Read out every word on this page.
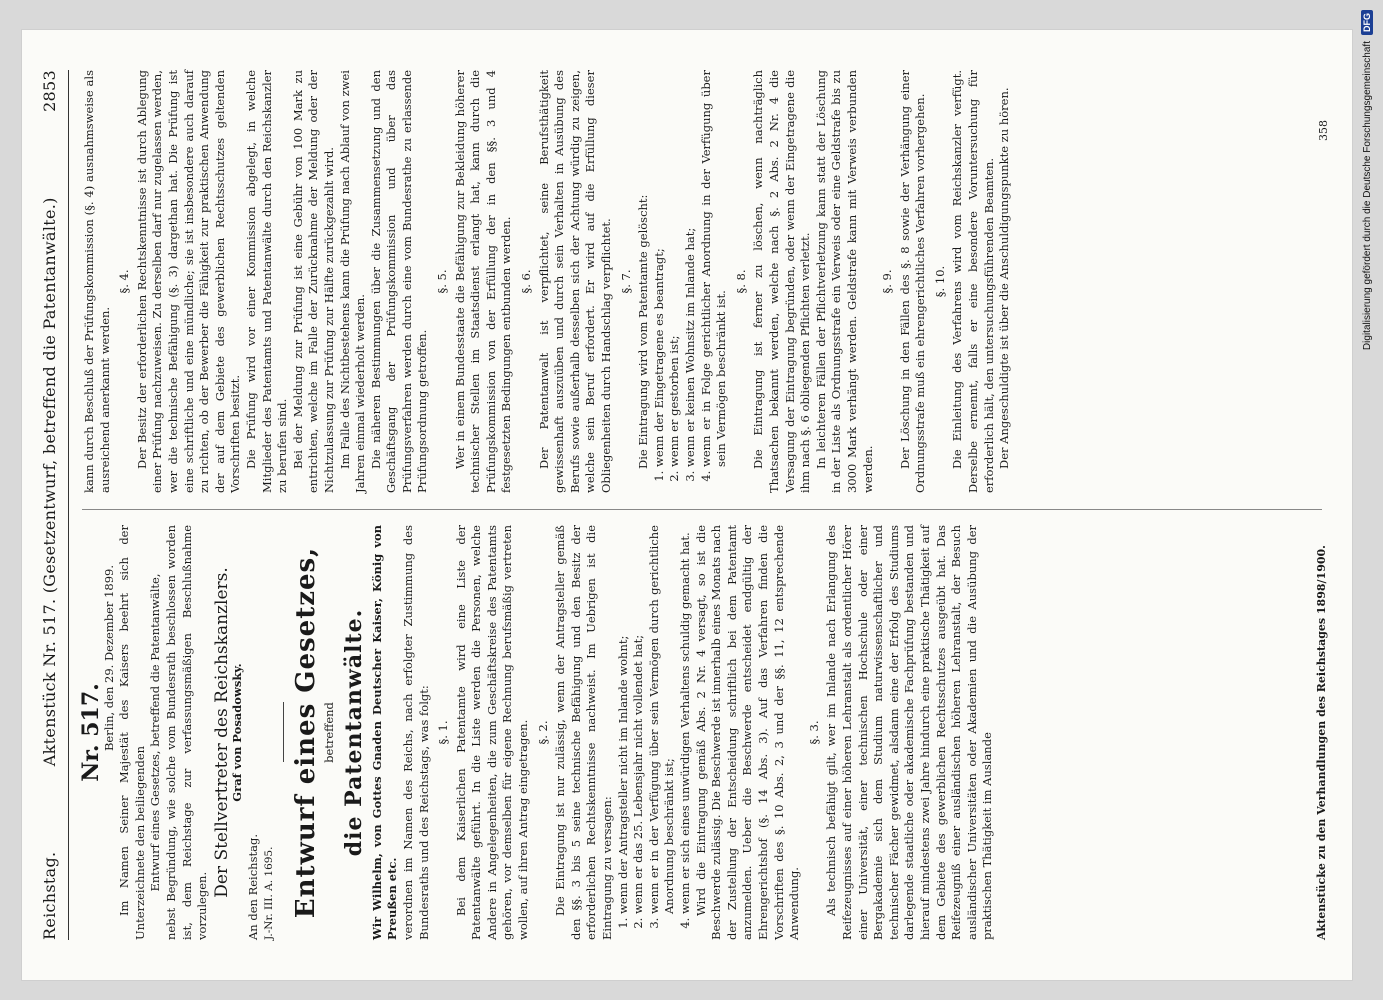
Reichstag.
Aktenstück Nr. 517. (Gesetzentwurf, betreffend die Patentanwälte.)
2853
Nr. 517.

Berlin, den 29. Dezember 1899. Im Namen Seiner Majestät des Kaisers beehrt sich der Unterzeichnete den beiliegenden Entwurf eines Gesetzes, betreffend die Patentanwälte, nebst Begründung, wie solche vom Bundesrath beschlossen worden ist, dem Reichstage zur verfassungsmäßigen Beschlußnahme vorzulegen.

Der Stellvertreter des Reichskanzlers.

Graf von Posadowsky.

An den Reichstag. J.-Nr. III. A. 1695. Entwurf eines Gesetzes, betreffend die Patentanwälte. Wir Wilhelm, von Gottes Gnaden Deutscher Kaiser, König von Preußen etc. verordnen im Namen des Reichs, nach erfolgter Zustimmung des Bundesraths und des Reichstags, was folgt: §. 1. Bei dem Kaiserlichen Patentamte wird eine Liste der Patentanwälte geführt. In die Liste werden die Personen, welche Andere in Angelegenheiten, die zum Geschäftskreise des Patentamts gehören, vor demselben für eigene Rechnung berufsmäßig vertreten wollen, auf ihren Antrag eingetragen. §. 2. Die Eintragung ist nur zulässig, wenn der Antragsteller gemäß den §§. 3 bis 5 seine technische Befähigung und den Besitz der erforderlichen Rechtskenntnisse nachweist. Im Uebrigen ist die Eintragung zu versagen: 1. wenn der Antragsteller nicht im Inlande wohnt; 2. wenn er das 25. Lebensjahr nicht vollendet hat; 3. wenn er in der Verfügung über sein Vermögen durch gerichtliche Anordnung beschränkt ist; 4. wenn er sich eines unwürdigen Verhaltens schuldig gemacht hat. Wird die Eintragung gemäß Abs. 2 Nr. 4 versagt, so ist die Beschwerde zulässig. Die Beschwerde ist innerhalb eines Monats nach der Zustellung der Entscheidung schriftlich bei dem Patentamt anzumelden. Ueber die Beschwerde entscheidet endgültig der Ehrengerichtshof (§. 14 Abs. 3). Auf das Verfahren finden die Vorschriften des §. 10 Abs. 2, 3 und der §§. 11, 12 entsprechende Anwendung.

§. 3. Als technisch befähigt gilt, wer im Inlande nach Erlangung des Reifezeugnisses auf einer höheren Lehranstalt als ordentlicher Hörer einer Universität, einer technischen Hochschule oder einer Bergakademie sich dem Studium naturwissenschaftlicher und technischer Fächer gewidmet, alsdann eine der Erfolg des Studiums darlegende staatliche oder akademische Fachprüfung bestanden und hierauf mindestens zwei Jahre hindurch eine praktische Thätigkeit auf dem Gebiete des gewerblichen Rechtsschutzes ausgeübt hat. Das Reifezeugniß einer ausländischen höheren Lehranstalt, der Besuch ausländischer Universitäten oder Akademien und die Ausübung der praktischen Thätigkeit im Auslande	Aktenstücke zu den Verhandlungen des Reichstages 1898/1900.

kann durch Beschluß der Prüfungskommission (§. 4) ausnahmsweise als ausreichend anerkannt werden.

§. 4. Der Besitz der erforderlichen Rechtskenntnisse ist durch Ablegung einer Prüfung nachzuweisen. Zu derselben darf nur zugelassen werden, wer die technische Befähigung (§. 3) dargethan hat. Die Prüfung ist eine schriftliche und eine mündliche; sie ist insbesondere auch darauf zu richten, ob der Bewerber die Fähigkeit zur praktischen Anwendung der auf dem Gebiete des gewerblichen Rechtsschutzes geltenden Vorschriften besitzt. Die Prüfung wird vor einer Kommission abgelegt, in welche Mitglieder des Patentamts und Patentanwälte durch den Reichskanzler zu berufen sind. Bei der Meldung zur Prüfung ist eine Gebühr von 100 Mark zu entrichten, welche im Falle der Zurücknahme der Meldung oder der Nichtzulassung zur Prüfung zur Hälfte zurückgezahlt wird. Im Falle des Nichtbestehens kann die Prüfung nach Ablauf von zwei Jahren einmal wiederholt werden. Die näheren Bestimmungen über die Zusammensetzung und den Geschäftsgang der Prüfungskommission und über das Prüfungsverfahren werden durch eine vom Bundesrathe zu erlassende Prüfungsordnung getroffen.

§. 5. Wer in einem Bundesstaate die Befähigung zur Bekleidung höherer technischer Stellen im Staatsdienst erlangt hat, kann durch die Prüfungskommission von der Erfüllung der in den §§. 3 und 4 festgesetzten Bedingungen entbunden werden. §. 6. Der Patentanwalt ist verpflichtet, seine Berufsthätigkeit gewissenhaft auszuüben und durch sein Verhalten in Ausübung des Berufs sowie außerhalb desselben sich der Achtung würdig zu zeigen, welche sein Beruf erfordert. Er wird auf die Erfüllung dieser Obliegenheiten durch Handschlag verpflichtet. §. 7. Die Eintragung wird vom Patentamte gelöscht: 1. wenn der Eingetragene es beantragt; 2. wenn er gestorben ist; 3. wenn er keinen Wohnsitz im Inlande hat; 4. wenn er in Folge gerichtlicher Anordnung in der Verfügung über sein Vermögen beschränkt ist.

§. 8. Die Eintragung ist ferner zu löschen, wenn nachträglich Thatsachen bekannt werden, welche nach §. 2 Abs. 2 Nr. 4 die Versagung der Eintragung begründen, oder wenn der Eingetragene die ihm nach §. 6 obliegenden Pflichten verletzt. In leichteren Fällen der Pflichtverletzung kann statt der Löschung in der Liste als Ordnungsstrafe ein Verweis oder eine Geldstrafe bis zu 3000 Mark verhängt werden. Geldstrafe kann mit Verweis verbunden werden.

§. 9. Der Löschung in den Fällen des §. 8 sowie der Verhängung einer Ordnungsstrafe muß ein ehrengerichtliches Verfahren vorhergehen. §. 10. Die Einleitung des Verfahrens wird vom Reichskanzler verfügt. Derselbe ernennt, falls er eine besondere Voruntersuchung für erforderlich hält, den untersuchungsführenden Beamten. Der Angeschuldigte ist über die Anschuldigungspunkte zu hören.	358	Digitalisierung gefördert durch die Deutsche Forschungsgemeinschaft
DFG
